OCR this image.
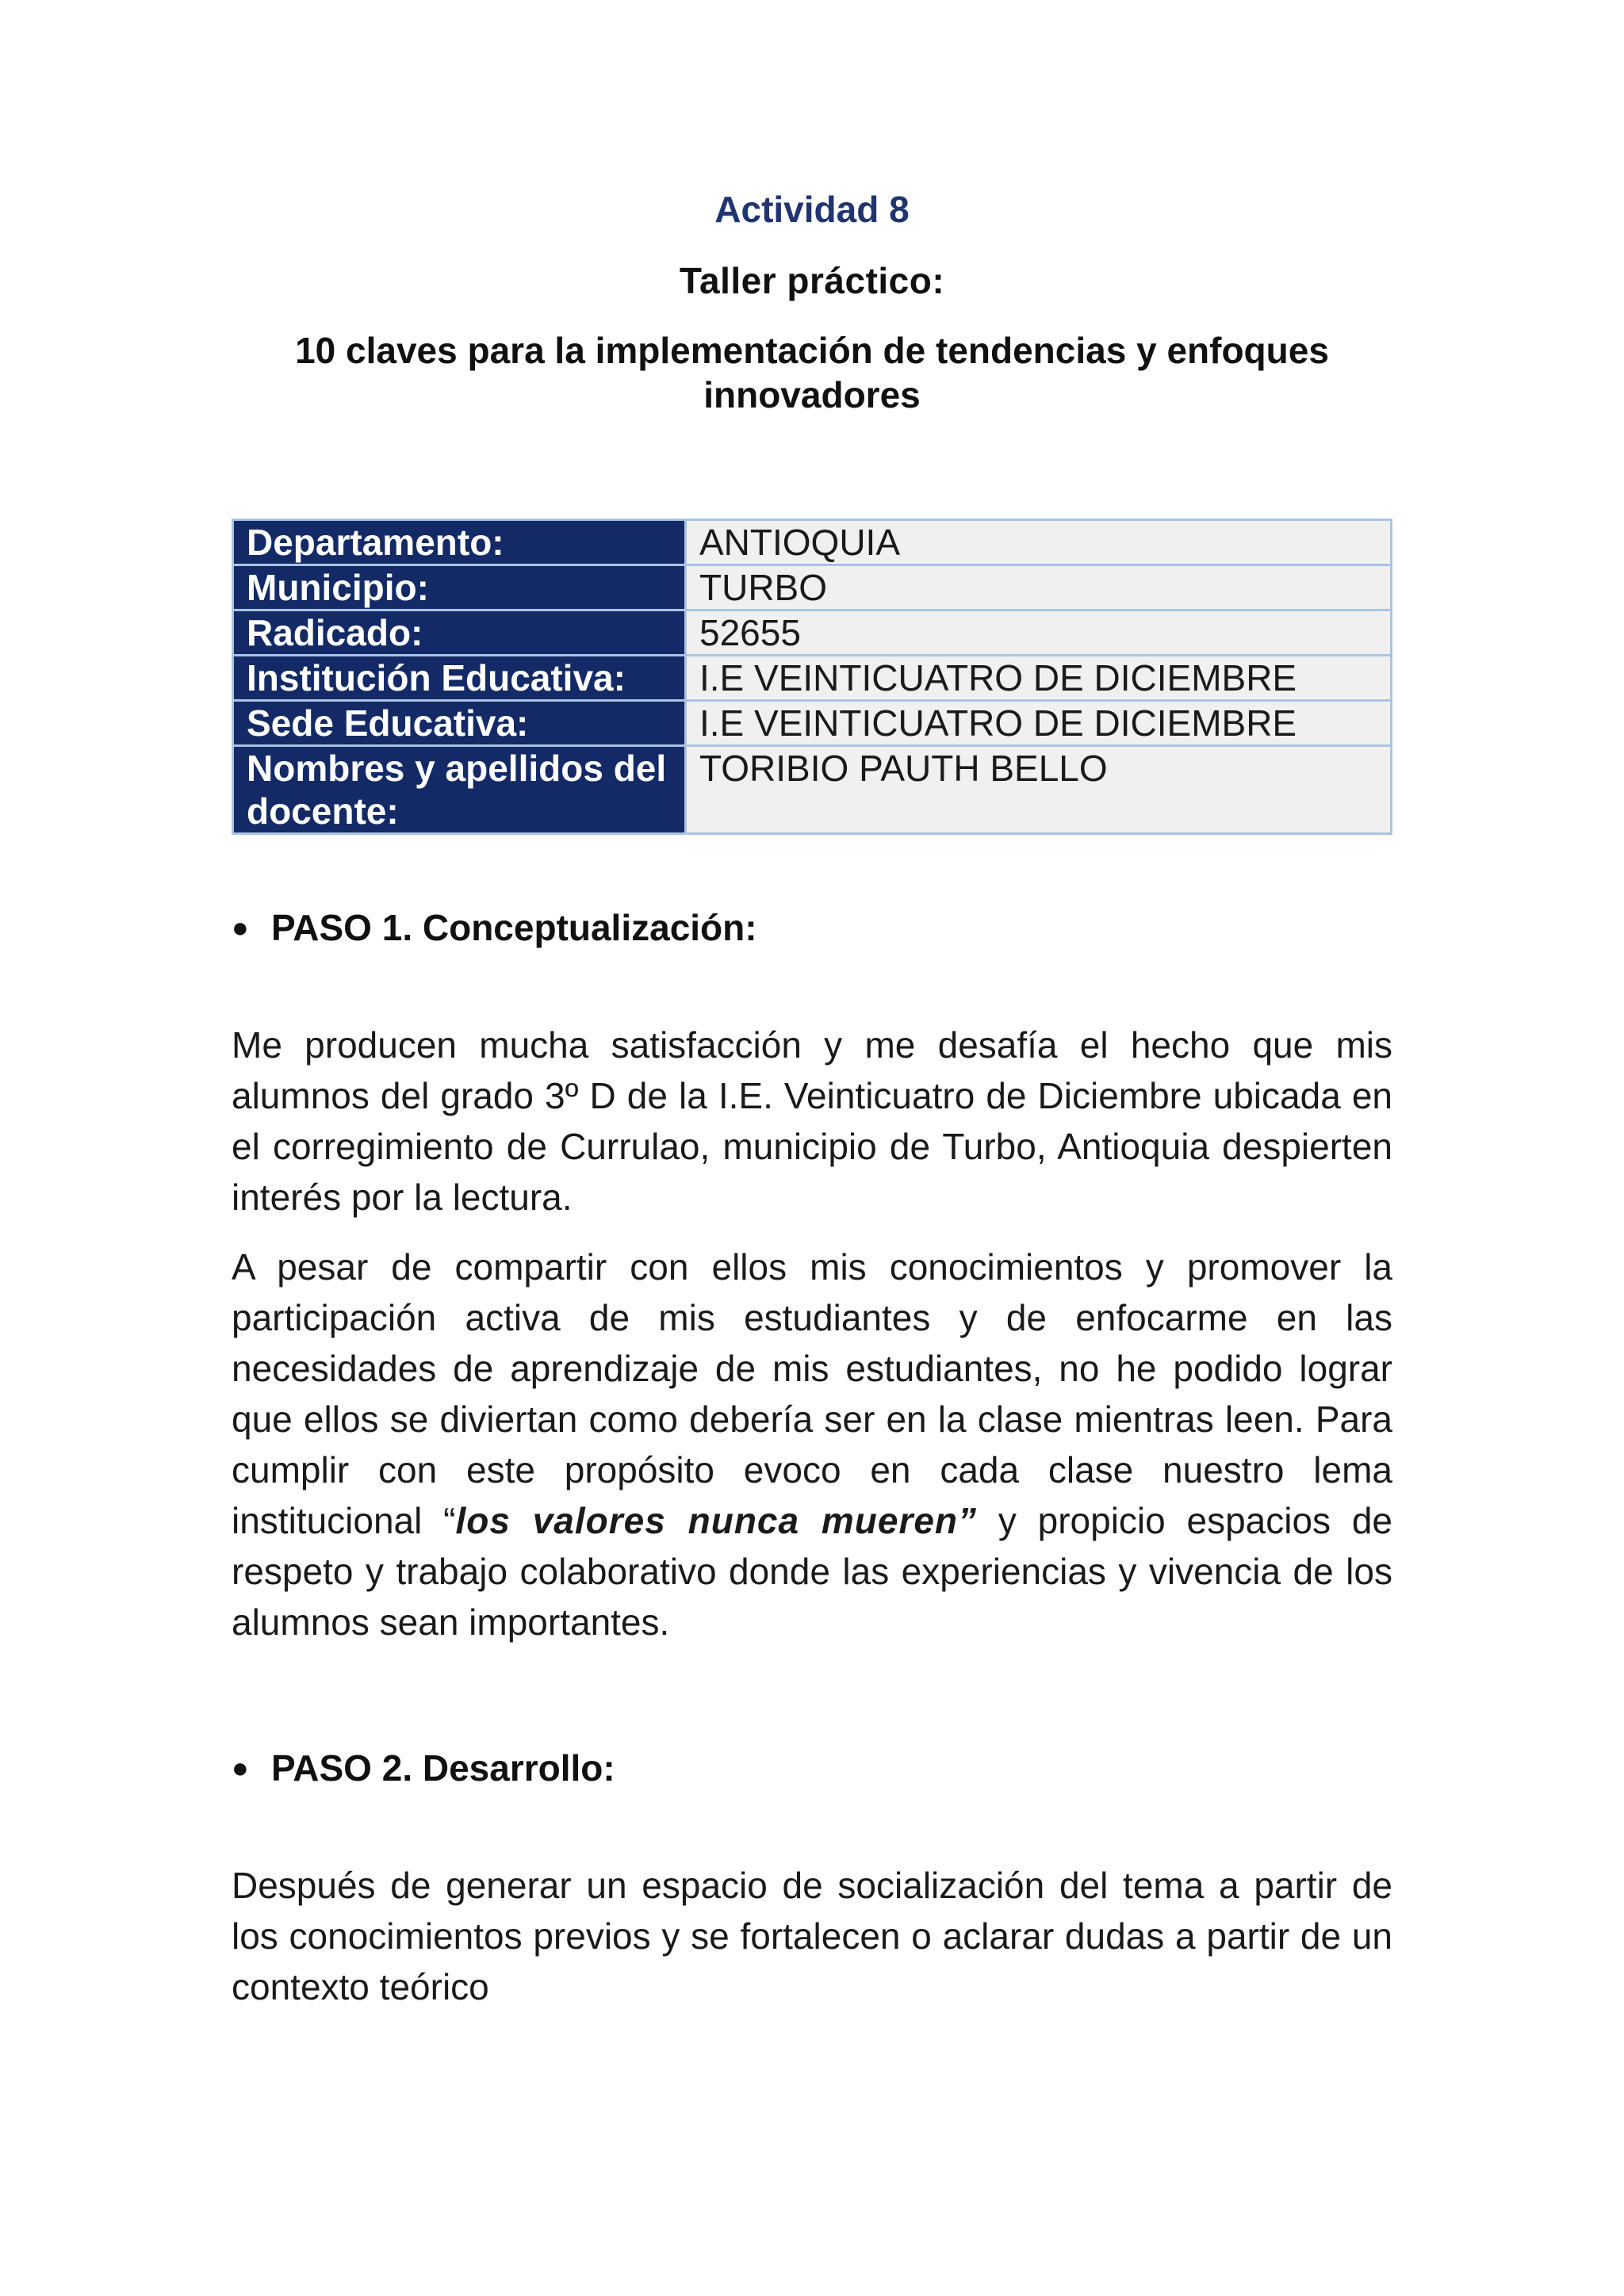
Actividad 8
Taller práctico:
10 claves para la implementación de tendencias y enfoques innovadores
Departamento:	ANTIOQUIA
Municipio:	TURBO
Radicado:	52655
Institución Educativa:	I.E VEINTICUATRO DE DICIEMBRE
Sede Educativa:	I.E VEINTICUATRO DE DICIEMBRE
Nombres y apellidos del docente:	TORIBIO PAUTH BELLO
● PASO 1. Conceptualización:
Me producen mucha satisfacción y me desafía el hecho que mis alumnos del grado 3º D de la I.E. Veinticuatro de Diciembre ubicada en el corregimiento de Currulao, municipio de Turbo, Antioquia despierten interés por la lectura.
A pesar de compartir con ellos mis conocimientos y promover la participación activa de mis estudiantes y de enfocarme en las necesidades de aprendizaje de mis estudiantes, no he podido lograr que ellos se diviertan como debería ser en la clase mientras leen. Para cumplir con este propósito evoco en cada clase nuestro lema institucional “los valores nunca mueren” y propicio espacios de respeto y trabajo colaborativo donde las experiencias y vivencia de los alumnos sean importantes.
● PASO 2. Desarrollo:
Después de generar un espacio de socialización del tema a partir de los conocimientos previos y se fortalecen o aclarar dudas a partir de un contexto teórico
